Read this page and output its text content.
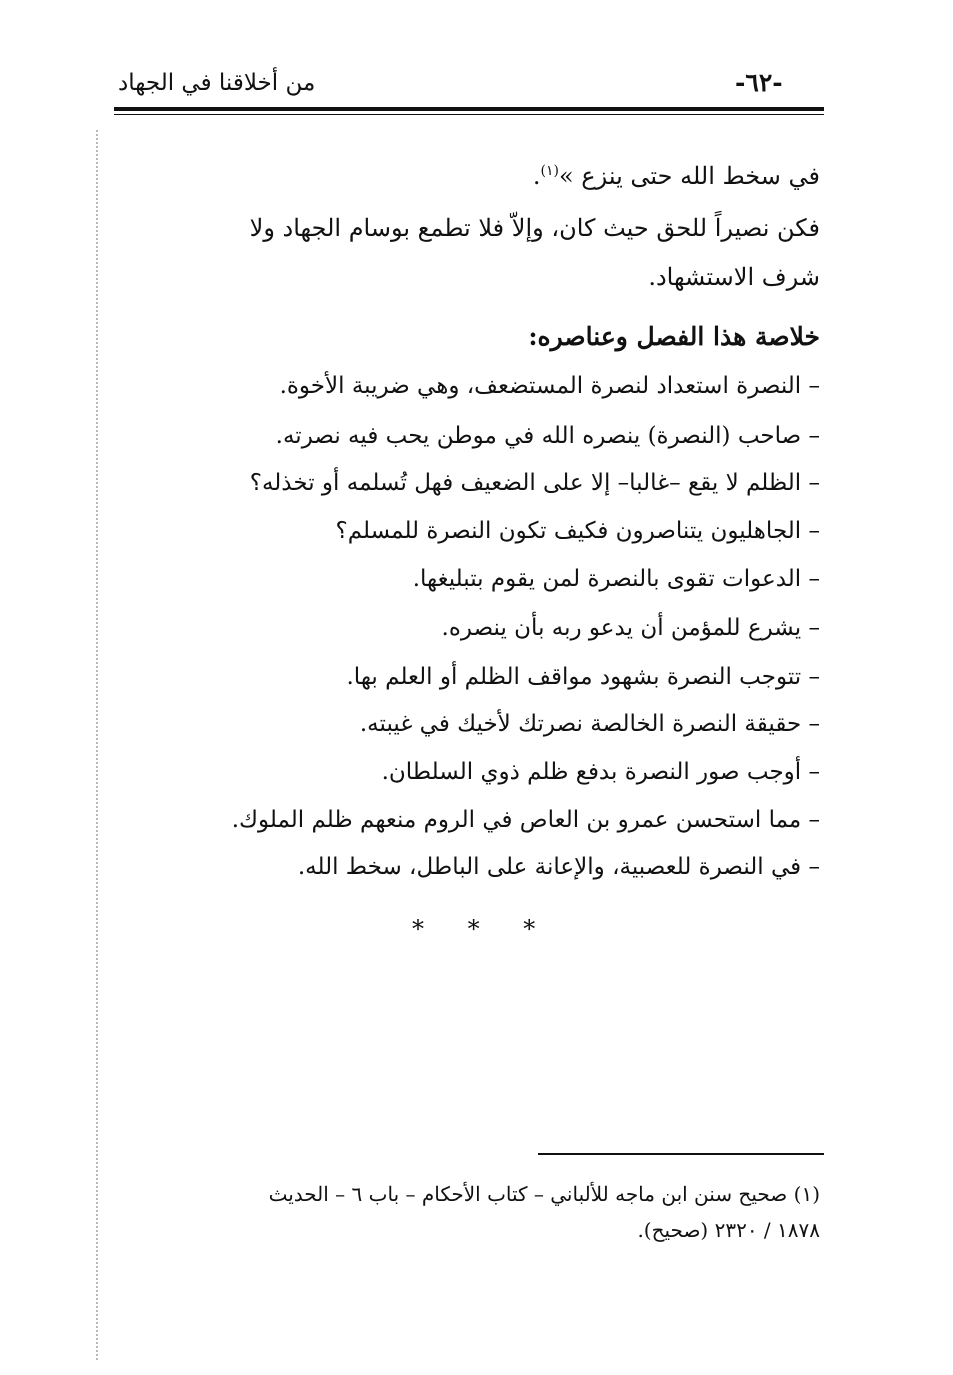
من أخلاقنا في الجهاد	-٦٢-
في سخط الله حتى ينزع »$^{(١)}$.
فكن نصيراً للحق حيث كان، وإلاّ فلا تطمع بوسام الجهاد ولا
شرف الاستشهاد.
خلاصة هذا الفصل وعناصره:
– النصرة استعداد لنصرة المستضعف، وهي ضريبة الأخوة.
– صاحب (النصرة) ينصره الله في موطن يحب فيه نصرته.
– الظلم لا يقع –غالبا– إلا على الضعيف فهل تُسلمه أو تخذله؟
– الجاهليون يتناصرون فكيف تكون النصرة للمسلم؟
– الدعوات تقوى بالنصرة لمن يقوم بتبليغها.
– يشرع للمؤمن أن يدعو ربه بأن ينصره.
– تتوجب النصرة بشهود مواقف الظلم أو العلم بها.
– حقيقة النصرة الخالصة نصرتك لأخيك في غيبته.
– أوجب صور النصرة بدفع ظلم ذوي السلطان.
– مما استحسن عمرو بن العاص في الروم منعهم ظلم الملوك.
– في النصرة للعصبية، والإعانة على الباطل، سخط الله.
* * *
(١) صحيح سنن ابن ماجه للألباني – كتاب الأحكام – باب ٦ – الحديث
١٨٧٨ / ٢٣٢٠ (صحيح).
